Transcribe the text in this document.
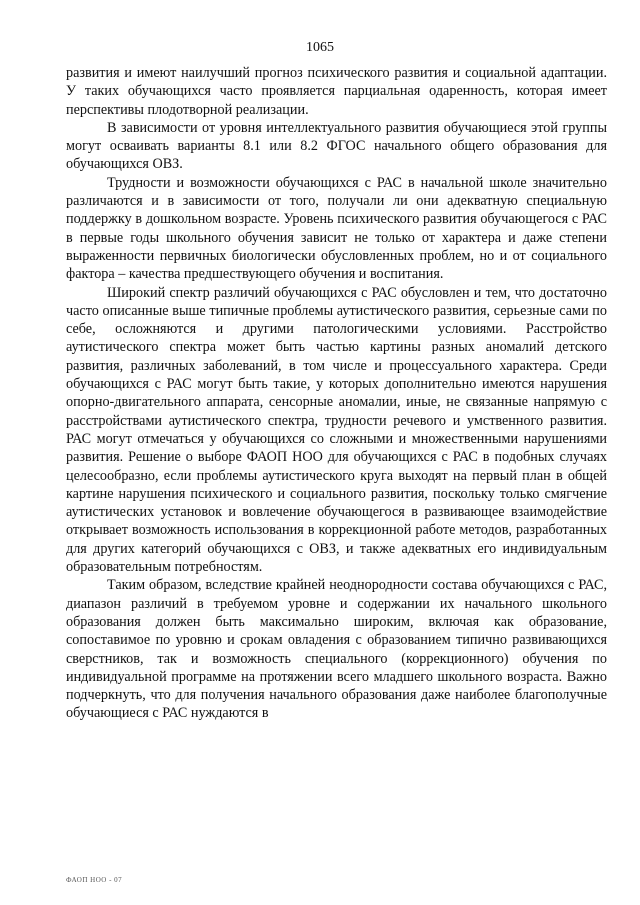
1065

развития и имеют наилучший прогноз психического развития и социальной адаптации. У таких обучающихся часто проявляется парциальная одаренность, которая имеет перспективы плодотворной реализации.

В зависимости от уровня интеллектуального развития обучающиеся этой группы могут осваивать варианты 8.1 или 8.2 ФГОС начального общего образования для обучающихся ОВЗ.

Трудности и возможности обучающихся с РАС в начальной школе значительно различаются и в зависимости от того, получали ли они адекватную специальную поддержку в дошкольном возрасте. Уровень психического развития обучающегося с РАС в первые годы школьного обучения зависит не только от характера и даже степени выраженности первичных биологически обусловленных проблем, но и от социального фактора – качества предшествующего обучения и воспитания.

Широкий спектр различий обучающихся с РАС обусловлен и тем, что достаточно часто описанные выше типичные проблемы аутистического развития, серьезные сами по себе, осложняются и другими патологическими условиями. Расстройство аутистического спектра может быть частью картины разных аномалий детского развития, различных заболеваний, в том числе и процессуального характера. Среди обучающихся с РАС могут быть такие, у которых дополнительно имеются нарушения опорно-двигательного аппарата, сенсорные аномалии, иные, не связанные напрямую с расстройствами аутистического спектра, трудности речевого и умственного развития. РАС могут отмечаться у обучающихся со сложными и множественными нарушениями развития. Решение о выборе ФАОП НОО для обучающихся с РАС в подобных случаях целесообразно, если проблемы аутистического круга выходят на первый план в общей картине нарушения психического и социального развития, поскольку только смягчение аутистических установок и вовлечение обучающегося в развивающее взаимодействие открывает возможность использования в коррекционной работе методов, разработанных для других категорий обучающихся с ОВЗ, и также адекватных его индивидуальным образовательным потребностям.

Таким образом, вследствие крайней неоднородности состава обучающихся с РАС, диапазон различий в требуемом уровне и содержании их начального школьного образования должен быть максимально широким, включая как образование, сопоставимое по уровню и срокам овладения с образованием типично развивающихся сверстников, так и возможность специального (коррекционного) обучения по индивидуальной программе на протяжении всего младшего школьного возраста. Важно подчеркнуть, что для получения начального образования даже наиболее благополучные обучающиеся с РАС нуждаются в

ФАОП НОО - 07
